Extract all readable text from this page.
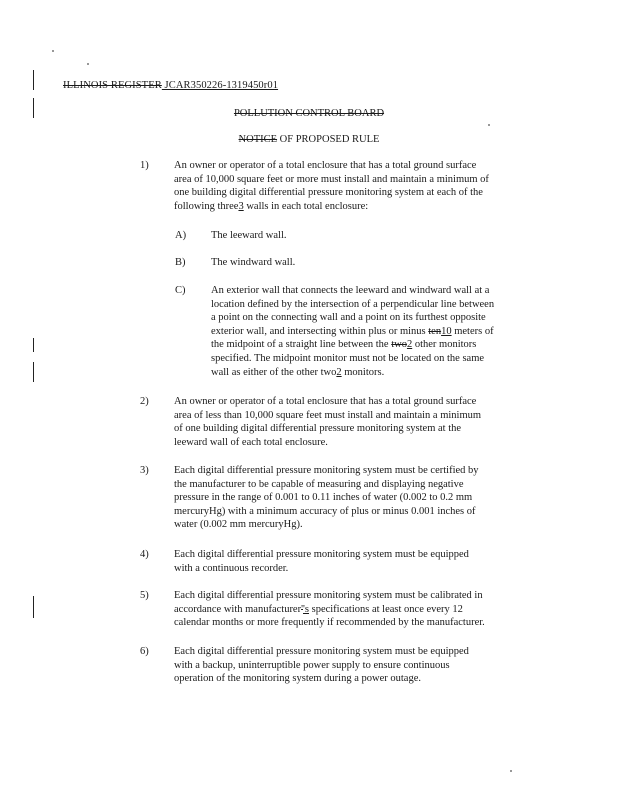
ILLINOIS REGISTER JCAR350226-1319450r01
POLLUTION CONTROL BOARD
NOTICE OF PROPOSED RULE
1) An owner or operator of a total enclosure that has a total ground surface
area of 10,000 square feet or more must install and maintain a minimum of
one building digital differential pressure monitoring system at each of the
following three3 walls in each total enclosure:
A) The leeward wall.
B) The windward wall.
C) An exterior wall that connects the leeward and windward wall at a
location defined by the intersection of a perpendicular line between
a point on the connecting wall and a point on its furthest opposite
exterior wall, and intersecting within plus or minus ten10 meters of
the midpoint of a straight line between the two2 other monitors
specified. The midpoint monitor must not be located on the same
wall as either of the other two2 monitors.
2) An owner or operator of a total enclosure that has a total ground surface
area of less than 10,000 square feet must install and maintain a minimum
of one building digital differential pressure monitoring system at the
leeward wall of each total enclosure.
3) Each digital differential pressure monitoring system must be certified by
the manufacturer to be capable of measuring and displaying negative
pressure in the range of 0.001 to 0.11 inches of water (0.002 to 0.2 mm
mercuryHg) with a minimum accuracy of plus or minus 0.001 inches of
water (0.002 mm mercuryHg).
4) Each digital differential pressure monitoring system must be equipped
with a continuous recorder.
5) Each digital differential pressure monitoring system must be calibrated in
accordance with manufacturer''s specifications at least once every 12
calendar months or more frequently if recommended by the manufacturer.
6) Each digital differential pressure monitoring system must be equipped
with a backup, uninterruptible power supply to ensure continuous
operation of the monitoring system during a power outage.
